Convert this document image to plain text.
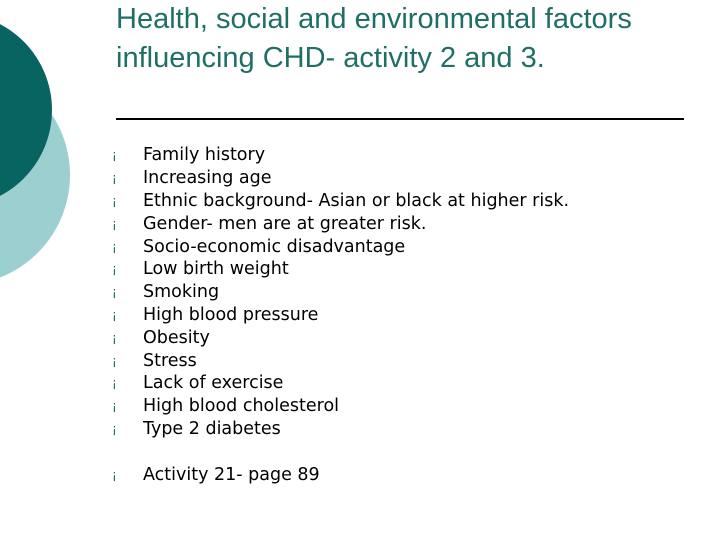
Health, social and environmental factors influencing CHD- activity 2 and 3.
¡	Family history
¡	Increasing age
¡	Ethnic background- Asian or black at higher risk.
¡	Gender- men are at greater risk.
¡	Socio-economic disadvantage
¡	Low birth weight
¡	Smoking
¡	High blood pressure
¡	Obesity
¡	Stress
¡	Lack of exercise
¡	High blood cholesterol
¡	Type 2 diabetes
¡	Activity 21- page 89
